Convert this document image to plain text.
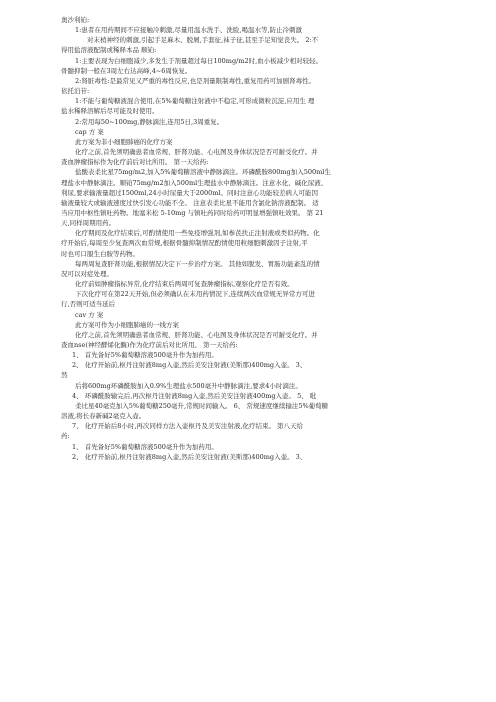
奥沙利铂:

1:患者在用药期间不应接触冷刺激,尽量用温水洗手、洗脸,喝温水等,防止冷刺激

对末梢神经的刺激,引起手足麻木、脱屑,手套征,袜子征,甚至手足知觉丧失。 2:不

得用盐溶液配制或稀释本品 顺铂:

1:主要表现为白细胞减少,多发生于剂量超过每日100mg/m2时,血小板减少相对较轻。

骨髓抑制一般在3周左右达高峰,4~6周恢复。

2:肾脏毒性:是最常见又严重的毒性反应,也是剂量限制毒性,重复用药可加剧肾毒性。

依托泊苷:

1:不能与葡萄糖液混合使用,在5%葡萄糖注射液中不稳定,可形成微粒沉淀,应用生 理

盐水稀释溶解后尽可能及时使用。

2:常用每50~100mg,静脉滴注,连用5日,3周重复。

cap 方 案

此方案为非小细胞肺癌的化疗方案

化疗之前,首先须明确患者血常规、肝肾功能、心电图及身体状况是否可耐受化疗。并

查血肿瘤指标作为化疗前后对比所用。 第一天给药:

盐酸表柔比星75mg/m2,加入5%葡萄糖溶液中静脉滴注。环磷酰胺800mg加入500ml生

理盐水中静脉滴注。顺铂75mg/m2加入500ml生理盐水中静脉滴注。注意水化、碱化尿液、

利尿,要求输液量超过1500ml,24小时尿量大于2000ml。同时注意心功能较差病人可能因

输液量较大或输液速度过快引发心功能不全。 注意表柔比星不能用含氯化钠溶液配制。 适

当应用中枢性镇吐药物。地塞米松 5-10mg 与镇吐药同时给药可明显增强镇吐效果。 第 21

天,同样周期用药。

化疗期间及化疗结束后,可酌情使用一些免疫增强剂,如参芪扶正注射液或类似药物。化

疗开始后,每周至少复查两次血常规,根据骨髓抑制情况酌情使用粒细胞刺激因子注射,平

时也可口服生白胺等药物。

每两周复查肝肾功能,根据情况决定下一步治疗方案。 其他如脱发、胃肠功能紊乱的情

况可以对症处理。

化疗前如肿瘤指标异常,化疗结束后两周可复查肿瘤指标,观察化疗是否有效。

下次化疗可在第22天开始,但必须确认在末用药情况下,连续两次血常规无异常方可进

行,否则可适当延后

cav 方 案

此方案可作为小细胞肺癌的一线方案

化疗之前,首先须明确患者血常规、肝肾功能、心电图及身体状况是否可耐受化疗。并

查血nse(神经酵烯化酶)作为化疗前后对比所用。 第一天给药:

1、 首先备好5%葡萄糖溶液500毫升作为加药用。

2、 化疗开始前,枢丹注射液8mg入壶,然后美安注射液(美斯那)400mg入壶。 3、

然

后将600mg环磷酰胺加入0.9%生理盐水500毫升中静脉滴注,要求4小时滴注。

4、 环磷酰胺输完后,再次枢丹注射液8mg入壶,然后美安注射液400mg入壶。 5、 吡

柔比星40毫克加入5%葡萄糖250毫升,常规时间输入。 6、 常规速度继续输注5%葡萄糖

溶液,将长春新碱2毫克入壶。

7、 化疗开始后8小时,再次同样方法入壶枢丹及美安注射液,化疗结束。 第八天给

药:

1、 首先备好5%葡萄糖溶液500毫升作为加药用。

2、 化疗开始前,枢丹注射液8mg入壶,然后美安注射液(美斯那)400mg入壶。 3、
